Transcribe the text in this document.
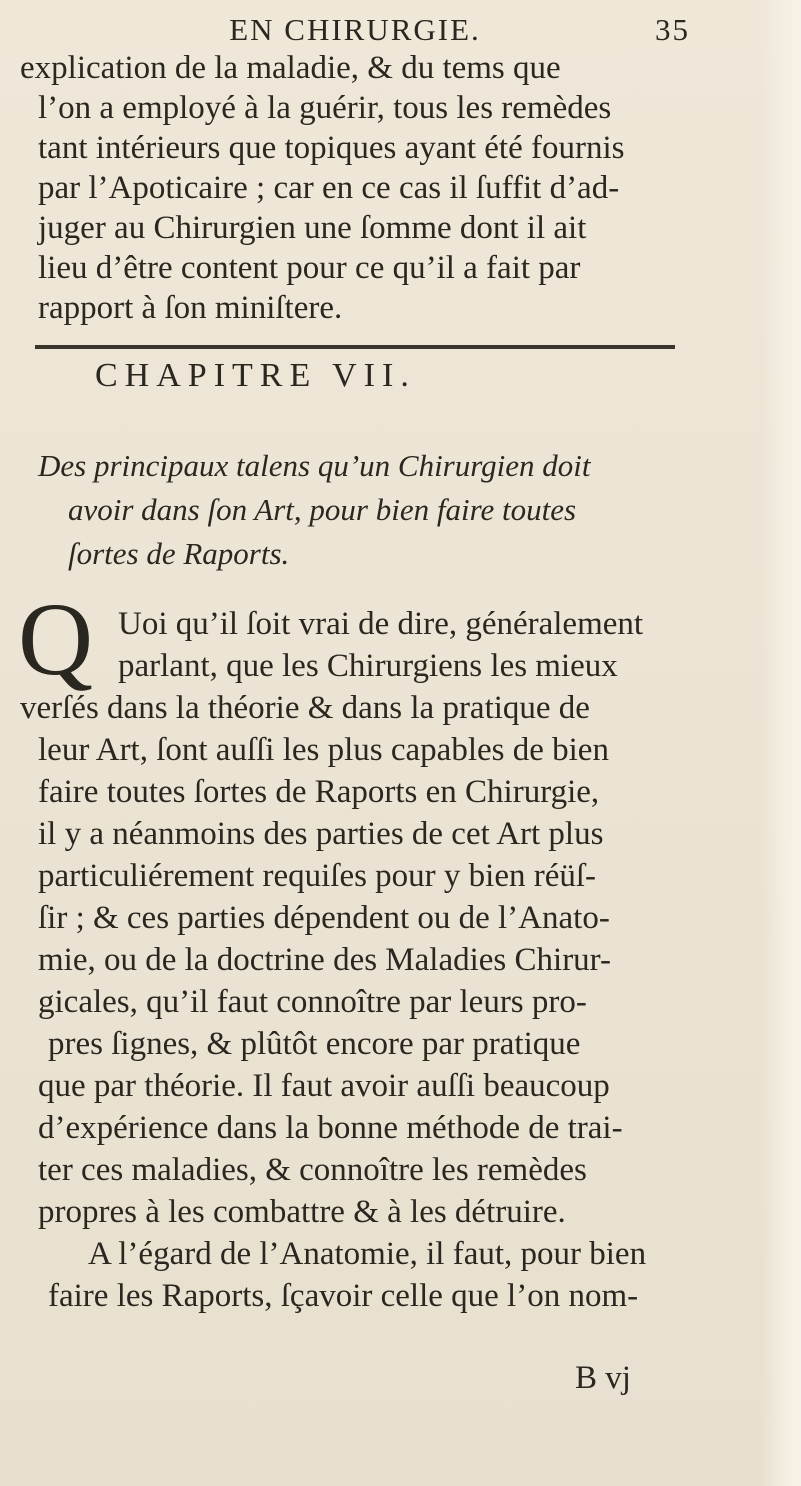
EN CHIRURGIE.	35
explication de la maladie, & du tems que
l’on a employé à la guérir, tous les remèdes
tant intérieurs que topiques ayant été fournis
par l’Apoticaire ; car en ce cas il ſuffit d’ad-
juger au Chirurgien une ſomme dont il ait
lieu d’être content pour ce qu’il a fait par
rapport à ſon miniſtere.
CHAPITRE VII.
Des principaux talens qu’un Chirurgien doit
avoir dans ſon Art, pour bien faire toutes
ſortes de Raports.
Q Uoi qu’il ſoit vrai de dire, généralement
parlant, que les Chirurgiens les mieux
verſés dans la théorie & dans la pratique de
leur Art, ſont auſſi les plus capables de bien
faire toutes ſortes de Raports en Chirurgie,
il y a néanmoins des parties de cet Art plus
particuliérement requiſes pour y bien réüſ-
ſir ; & ces parties dépendent ou de l’Anato-
mie, ou de la doctrine des Maladies Chirur-
gicales, qu’il faut connoître par leurs pro-
pres ſignes, & plûtôt encore par pratique
que par théorie. Il faut avoir auſſi beaucoup
d’expérience dans la bonne méthode de trai-
ter ces maladies, & connoître les remèdes
propres à les combattre & à les détruire.
A l’égard de l’Anatomie, il faut, pour bien
faire les Raports, ſçavoir celle que l’on nom-
B vj
